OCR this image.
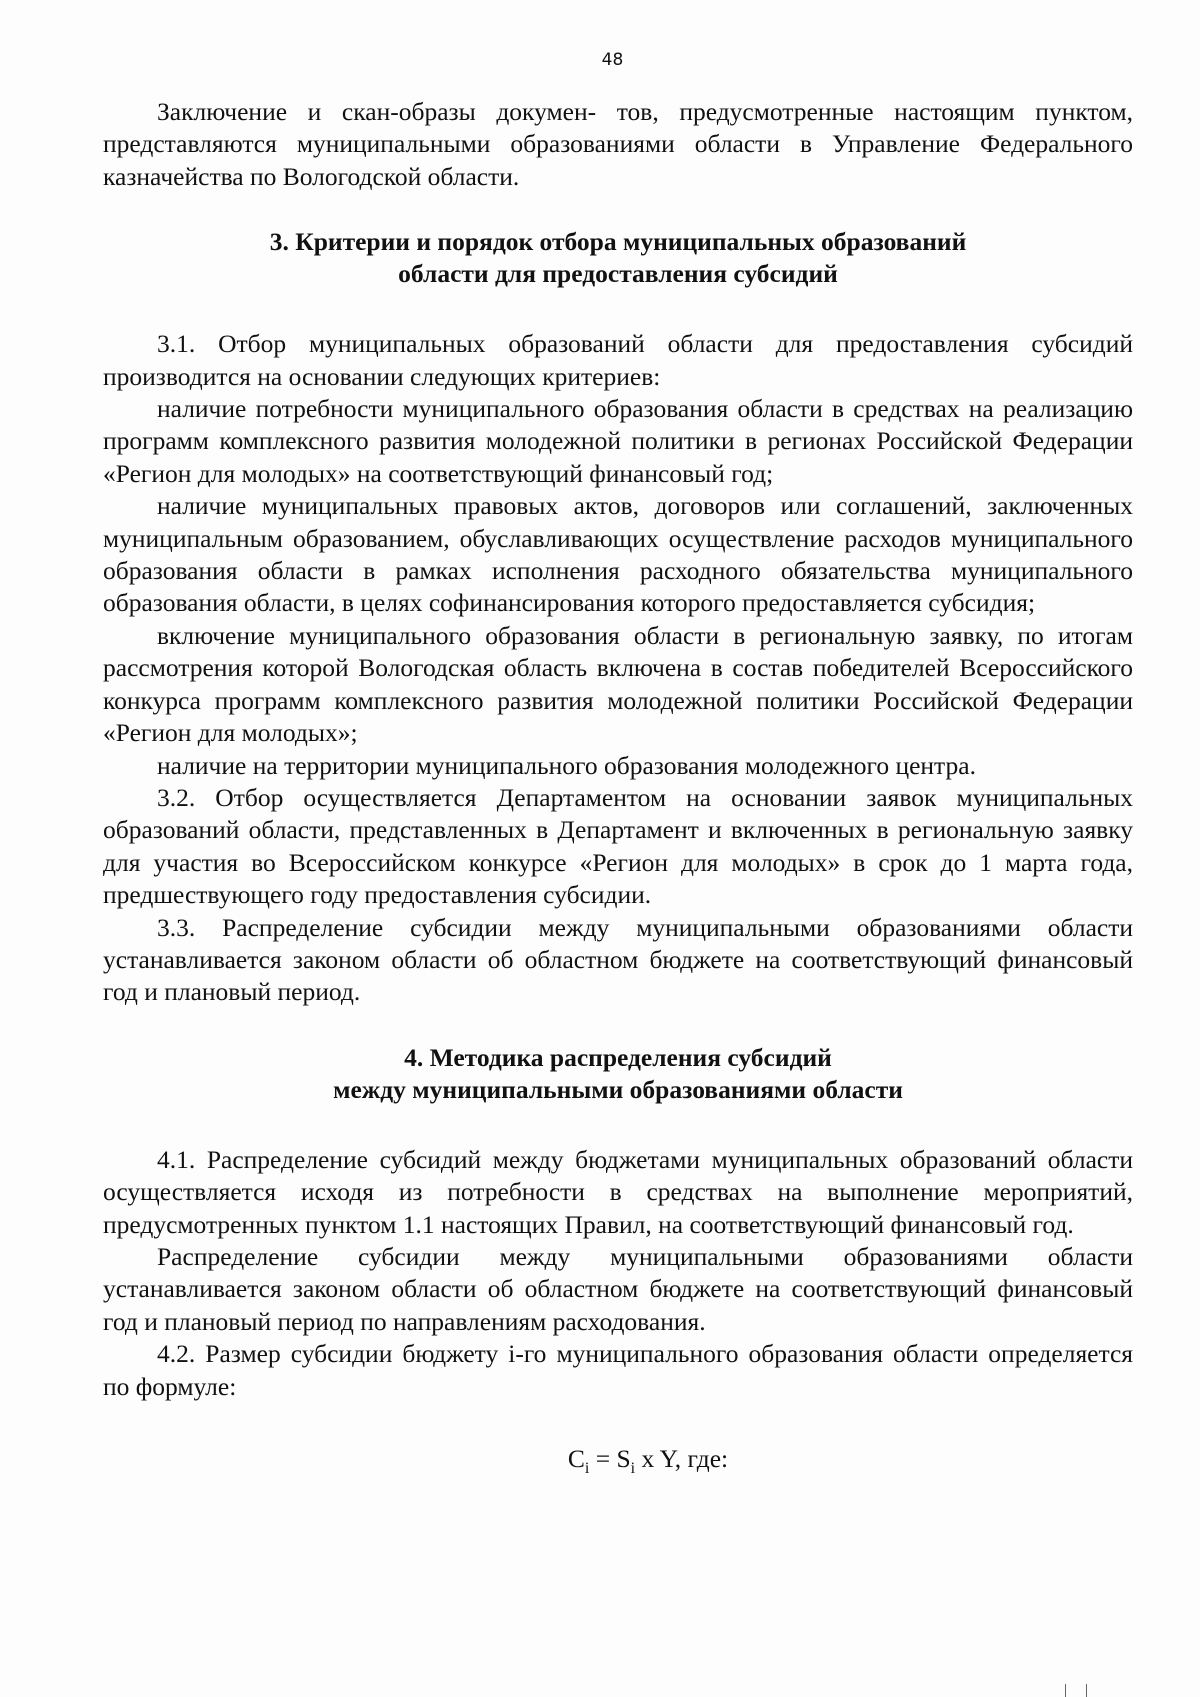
48

Заключение и скан-образы докумен- тов, предусмотренные настоящим пунктом, представляются муниципальными образованиями области в Управление Федерального казначейства по Вологодской области.

3. Критерии и порядок отбора муниципальных образований
области для предоставления субсидий

3.1. Отбор муниципальных образований области для предоставления субсидий производится на основании следующих критериев:

наличие потребности муниципального образования области в средствах на реализацию программ комплексного развития молодежной политики в регионах Российской Федерации «Регион для молодых» на соответствующий финансовый год;

наличие муниципальных правовых актов, договоров или соглашений, заключенных муниципальным образованием, обуславливающих осуществление расходов муниципального образования области в рамках исполнения расходного обязательства муниципального образования области, в целях софинансирования которого предоставляется субсидия;

включение муниципального образования области в региональную заявку, по итогам рассмотрения которой Вологодская область включена в состав победителей Всероссийского конкурса программ комплексного развития молодежной политики Российской Федерации «Регион для молодых»;

наличие на территории муниципального образования молодежного центра.

3.2. Отбор осуществляется Департаментом на основании заявок муниципальных образований области, представленных в Департамент и включенных в региональную заявку для участия во Всероссийском конкурсе «Регион для молодых» в срок до 1 марта года, предшествующего году предоставления субсидии.

3.3. Распределение субсидии между муниципальными образованиями области устанавливается законом области об областном бюджете на соответствующий финансовый год и плановый период.

4. Методика распределения субсидий
между муниципальными образованиями области

4.1. Распределение субсидий между бюджетами муниципальных образований области осуществляется исходя из потребности в средствах на выполнение мероприятий, предусмотренных пунктом 1.1 настоящих Правил, на соответствующий финансовый год.

Распределение субсидии между муниципальными образованиями области устанавливается законом области об областном бюджете на соответствующий финансовый год и плановый период по направлениям расходования.

4.2. Размер субсидии бюджету i-го муниципального образования области определяется по формуле:

$C_i = S_i$ x Y, где:
